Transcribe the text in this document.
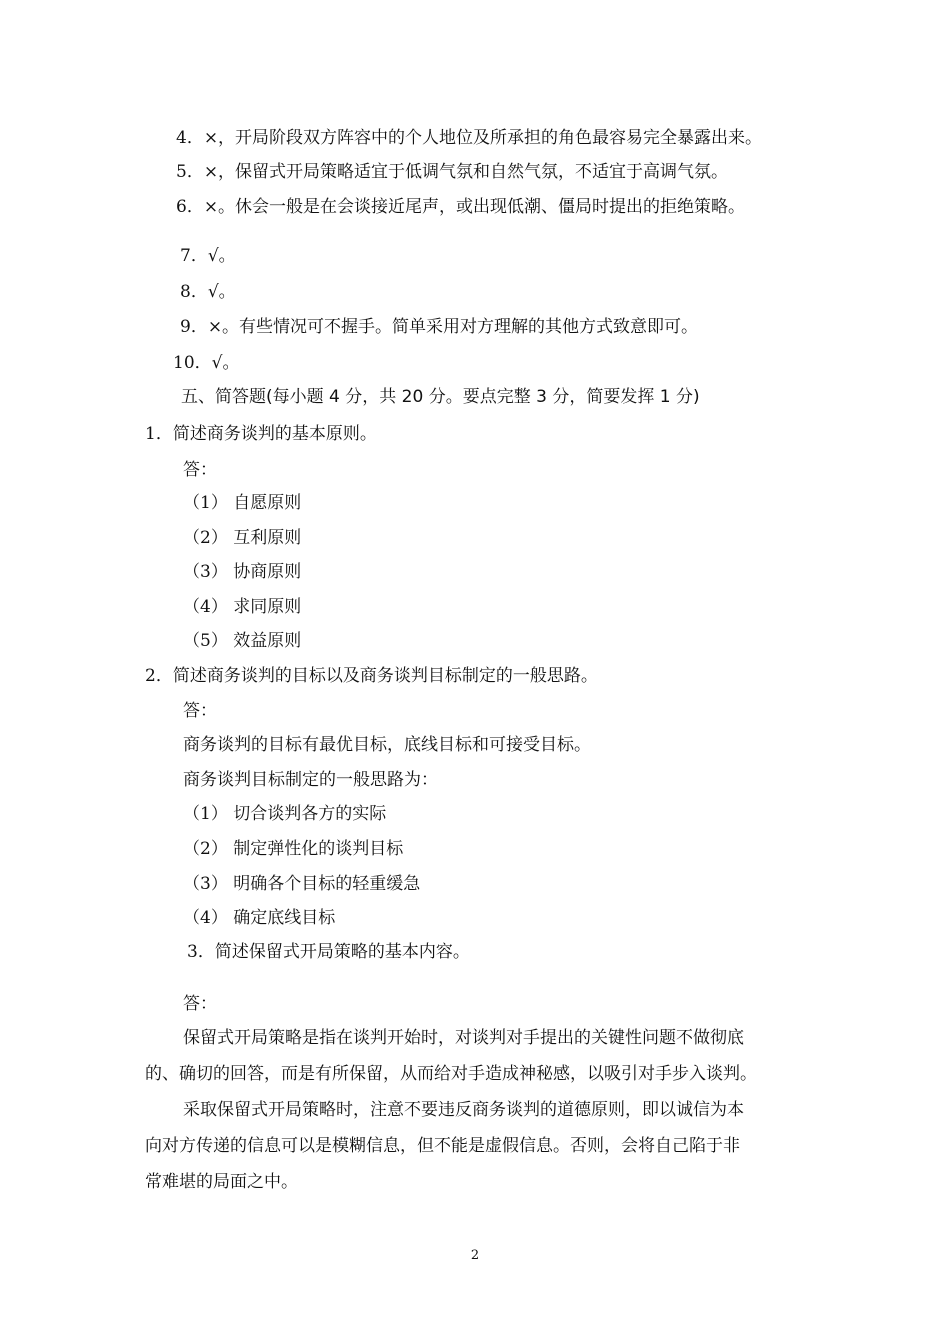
4．×，开局阶段双方阵容中的个人地位及所承担的角色最容易完全暴露出来。
5．×，保留式开局策略适宜于低调气氛和自然气氛，不适宜于高调气氛。
6．×。休会一般是在会谈接近尾声，或出现低潮、僵局时提出的拒绝策略。
7．√。
8．√。
9．×。有些情况可不握手。简单采用对方理解的其他方式致意即可。
10．√。
五、简答题(每小题 4 分，共 20 分。要点完整 3 分，简要发挥 1 分)
1．简述商务谈判的基本原则。
答：
（1） 自愿原则
（2） 互利原则
（3） 协商原则
（4） 求同原则
（5） 效益原则
2．简述商务谈判的目标以及商务谈判目标制定的一般思路。
答：
商务谈判的目标有最优目标，底线目标和可接受目标。
商务谈判目标制定的一般思路为：
（1） 切合谈判各方的实际
（2） 制定弹性化的谈判目标
（3） 明确各个目标的轻重缓急
（4） 确定底线目标
3．简述保留式开局策略的基本内容。
答：
保留式开局策略是指在谈判开始时，对谈判对手提出的关键性问题不做彻底
的、确切的回答，而是有所保留，从而给对手造成神秘感，以吸引对手步入谈判。
采取保留式开局策略时，注意不要违反商务谈判的道德原则，即以诚信为本
向对方传递的信息可以是模糊信息，但不能是虚假信息。否则，会将自己陷于非
常难堪的局面之中。
2
